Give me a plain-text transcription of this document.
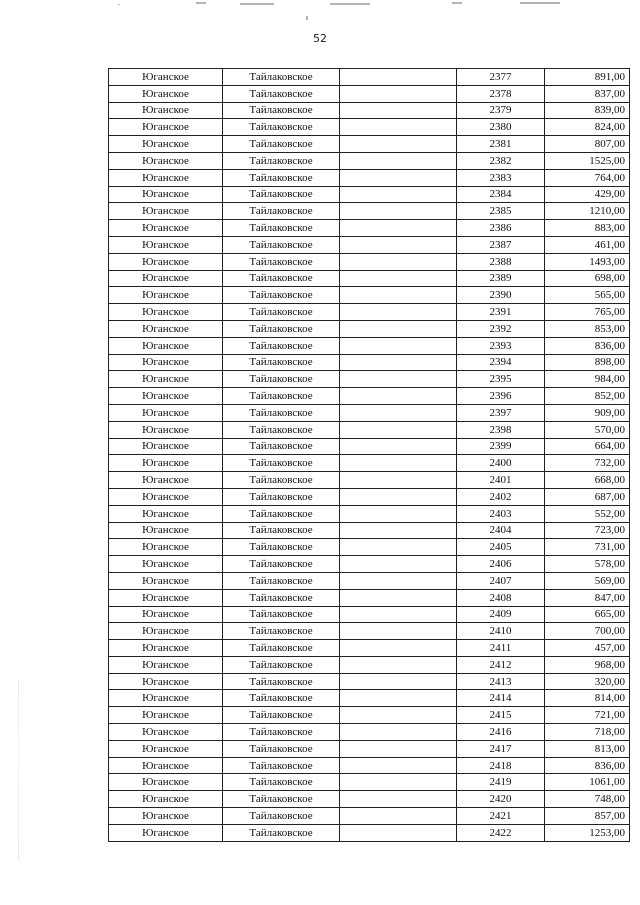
52
Юганское	Тайлаковское		2377	891,00
Юганское	Тайлаковское		2378	837,00
Юганское	Тайлаковское		2379	839,00
Юганское	Тайлаковское		2380	824,00
Юганское	Тайлаковское		2381	807,00
Юганское	Тайлаковское		2382	1525,00
Юганское	Тайлаковское		2383	764,00
Юганское	Тайлаковское		2384	429,00
Юганское	Тайлаковское		2385	1210,00
Юганское	Тайлаковское		2386	883,00
Юганское	Тайлаковское		2387	461,00
Юганское	Тайлаковское		2388	1493,00
Юганское	Тайлаковское		2389	698,00
Юганское	Тайлаковское		2390	565,00
Юганское	Тайлаковское		2391	765,00
Юганское	Тайлаковское		2392	853,00
Юганское	Тайлаковское		2393	836,00
Юганское	Тайлаковское		2394	898,00
Юганское	Тайлаковское		2395	984,00
Юганское	Тайлаковское		2396	852,00
Юганское	Тайлаковское		2397	909,00
Юганское	Тайлаковское		2398	570,00
Юганское	Тайлаковское		2399	664,00
Юганское	Тайлаковское		2400	732,00
Юганское	Тайлаковское		2401	668,00
Юганское	Тайлаковское		2402	687,00
Юганское	Тайлаковское		2403	552,00
Юганское	Тайлаковское		2404	723,00
Юганское	Тайлаковское		2405	731,00
Юганское	Тайлаковское		2406	578,00
Юганское	Тайлаковское		2407	569,00
Юганское	Тайлаковское		2408	847,00
Юганское	Тайлаковское		2409	665,00
Юганское	Тайлаковское		2410	700,00
Юганское	Тайлаковское		2411	457,00
Юганское	Тайлаковское		2412	968,00
Юганское	Тайлаковское		2413	320,00
Юганское	Тайлаковское		2414	814,00
Юганское	Тайлаковское		2415	721,00
Юганское	Тайлаковское		2416	718,00
Юганское	Тайлаковское		2417	813,00
Юганское	Тайлаковское		2418	836,00
Юганское	Тайлаковское		2419	1061,00
Юганское	Тайлаковское		2420	748,00
Юганское	Тайлаковское		2421	857,00
Юганское	Тайлаковское		2422	1253,00
